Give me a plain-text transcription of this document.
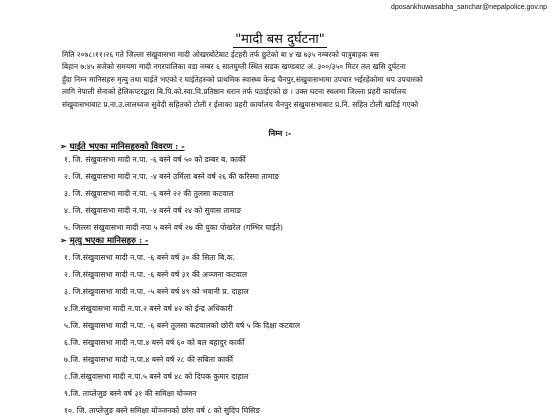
dposankhuwasabha_sanchar@nepalpolice.gov.np
"मादी बस दुर्घटना"
मिति २०७८।११।२६ गते जिल्ला संखुवासभा मादी ओखरबोटेबाट ईटहरी तर्फ छुटेको बा ४ ख ७३५ नम्बरको यात्रुबाहक बस
बिहान ७:४५ बजेको समयमा मादी नगरपालिका वडा नम्बर ६ सातघुम्ती स्थित सडक खण्डबाट अं. ३००/३५० मिटर तल खसि दुर्घटना
हुँदा निम्न मानिसहरु मृत्यु तथा घाईते भएको र घाईतेहरुको प्राथमिक स्वास्थ्य केन्द्र चैनपुर,संखुवासभामा उपचार भईरहेकोमा थप उपचारको
लागि नेपाली सेनाको हेलिकप्टरद्वारा बि.पि.को.स्वा.वि.प्रतिष्ठान धरान तर्फ पठाईएको छ । उक्त घटना स्थलमा जिल्ला प्रहरी कार्यालय
संखुवासभाबाट प्र.ना.उ.लालध्वज सुवेदी सहितको टोली र ईलाका प्रहरी कार्यालय चैनपुर संखुवासभाबाट प्र.नि. सहित टोली खटिई गएको
निम्न :-
➢ घाईते भएका मानिसहरुको विवरण : -
१. जि. संखुवासभा मादी न.पा. -६ बस्ने वर्ष ५० को डम्बर ब. कार्की
२. जि. संखुवासभा मादी न.पा. -४ बस्ने उर्मिला बस्ने वर्ष २६ की करिस्मा तामाङ
३. जि. संखुवासभा मादी न.पा. -६ बस्ने २२ की तुलसा कटवाल
४. जि. संखुवासभा मादी न.पा. -४ बस्ने वर्ष २४ को सुवास तामाङ
५. जिल्ला संखुवासभा मादी नपा ५ बस्ने वर्ष २७ की युका पोखरेल (गम्भिर घाईते)
➢ मृत्यु भएका मानिसहरु : -
१. जि.संखुवासभा मादी न.पा. -६ बस्ने वर्ष ३० की सिता बि.क.
२. जि.संखुवासभा मादी न.पा. -६ बस्ने वर्ष ३१ की अञ्जना कटवाल
३. जि.संखुवासभा मादी न.पा. -५ बस्ने वर्ष ४९ को भवानी प्र. दाहाल
४.जि.संखुवासभा मादी न.पा.२ बस्ने वर्ष ४२ को ईन्द्र अधिकारी
५.जि. संखुवासभा मादी न.पा. -६ बस्ने तुलसा कटवालको छोरी वर्ष ५ कि दिक्षा कटवाल
६.जि. संखुवासभा मादी न.पा.४ बस्ने वर्ष ६० को बल बहादुर कार्की
७.जि. संखुवासभा मादी न.पा.४ बस्ने वर्ष २८ की सबिता कार्की
८.जि.संखुवासभा मादी न.पा.५ बस्ने वर्ष ४८ को दिपक कुमार दाहाल
९.जि. ताप्लेजुङ बस्ने वर्ष ३१ की समिक्षा योञ्जन
१०. जि. ताप्लेजुङ बस्ने समिक्षा योञ्जनको छोरा वर्ष ८ को सुदिप घिसिङ
